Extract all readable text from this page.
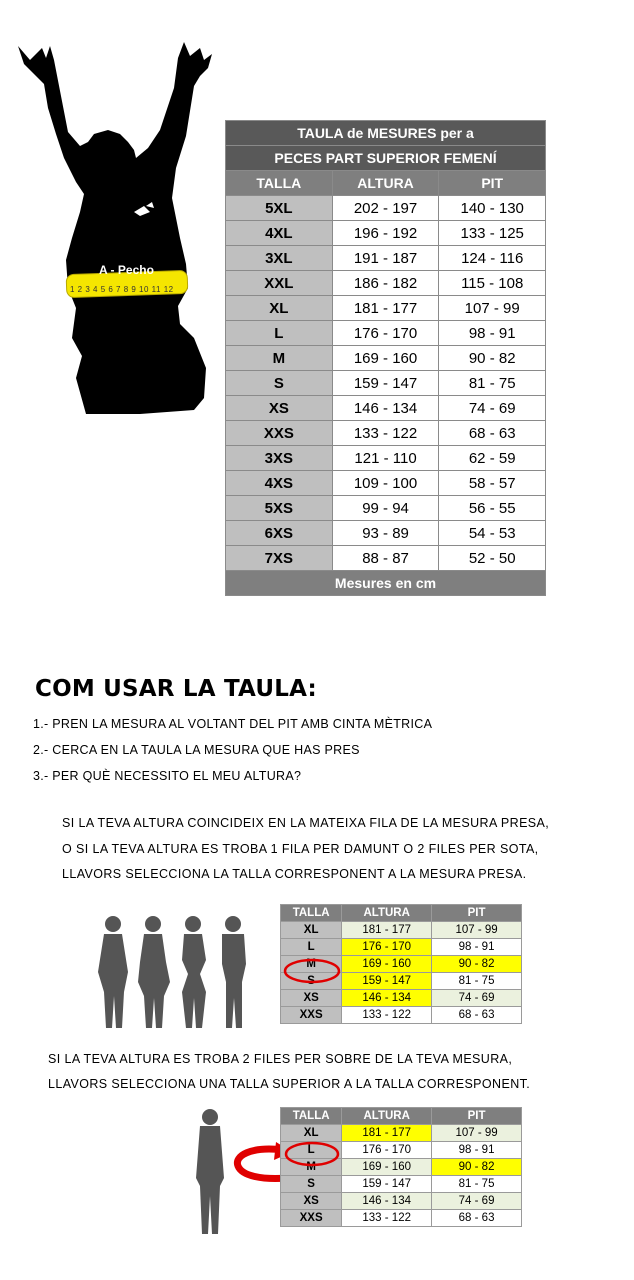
1 2 3 4 5 6 7 8 9 10 11 12
A - Pecho
TAULA de MESURES per a		
PECES PART SUPERIOR FEMENÍ		
TALLA	ALTURA	PIT
5XL	202 - 197	140 - 130
4XL	196 - 192	133 - 125
3XL	191 - 187	124 - 116
XXL	186 - 182	115 - 108
XL	181 - 177	107 - 99
L	176 - 170	98 - 91
M	169 - 160	90 - 82
S	159 - 147	81 - 75
XS	146 - 134	74 - 69
XXS	133 - 122	68 - 63
3XS	121 - 110	62 - 59
4XS	109 - 100	58 - 57
5XS	99 - 94	56 - 55
6XS	93 - 89	54 - 53
7XS	88 - 87	52 - 50
Mesures en cm		
COM USAR LA TAULA:
1.- PREN LA MESURA AL VOLTANT DEL PIT AMB CINTA MÈTRICA
2.- CERCA EN LA TAULA LA MESURA QUE HAS PRES
3.- PER QUÈ NECESSITO EL MEU ALTURA?
SI LA TEVA ALTURA COINCIDEIX EN LA MATEIXA FILA DE LA MESURA PRESA,
O SI LA TEVA ALTURA ES TROBA 1 FILA PER DAMUNT O 2 FILES PER SOTA,
LLAVORS SELECCIONA LA TALLA CORRESPONENT A LA MESURA PRESA.
TALLA	ALTURA	PIT
XL	181 - 177	107 - 99
L	176 - 170	98 - 91
M	169 - 160	90 - 82
S	159 - 147	81 - 75
XS	146 - 134	74 - 69
XXS	133 - 122	68 - 63
SI LA TEVA ALTURA ES TROBA 2 FILES PER SOBRE DE LA TEVA MESURA,
LLAVORS SELECCIONA UNA TALLA SUPERIOR A LA TALLA CORRESPONENT.
TALLA	ALTURA	PIT
XL	181 - 177	107 - 99
L	176 - 170	98 - 91
M	169 - 160	90 - 82
S	159 - 147	81 - 75
XS	146 - 134	74 - 69
XXS	133 - 122	68 - 63
